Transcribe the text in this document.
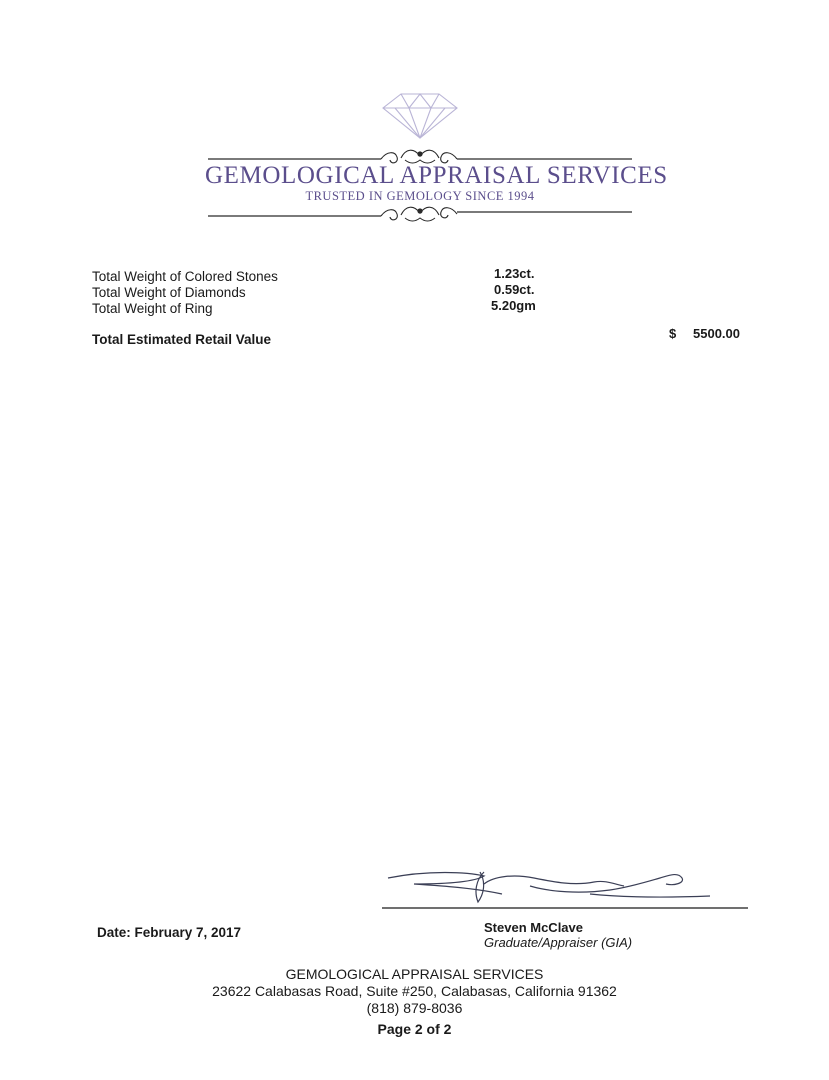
GEMOLOGICAL APPRAISAL SERVICES
TRUSTED IN GEMOLOGY SINCE 1994
Total Weight of Colored Stones	1.23ct.
Total Weight of Diamonds	0.59ct.
Total Weight of Ring	5.20gm
Total Estimated Retail Value	$ 5500.00
Date: February 7, 2017	Steven McClave
Graduate/Appraiser (GIA)
GEMOLOGICAL APPRAISAL SERVICES
23622 Calabasas Road, Suite #250, Calabasas, California 91362
(818) 879-8036
Page 2 of 2
